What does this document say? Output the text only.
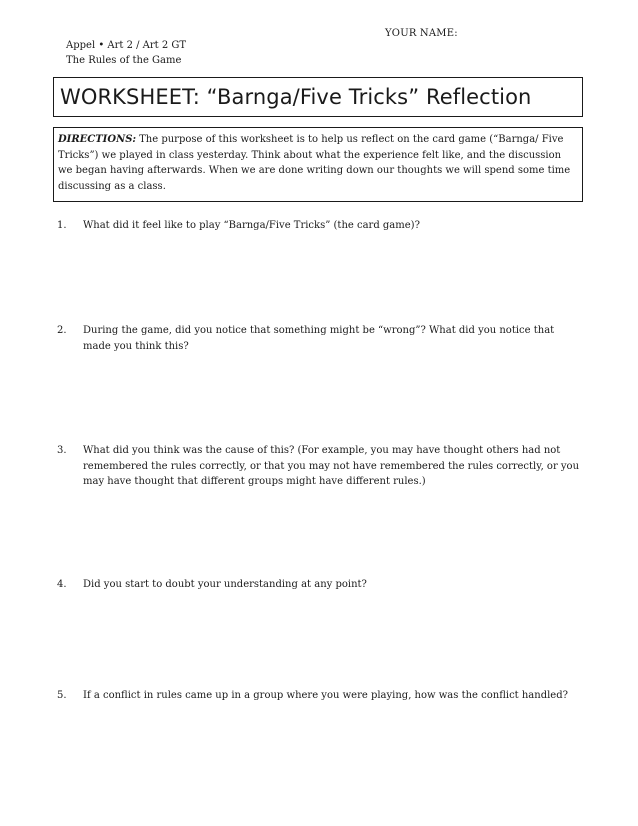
YOUR NAME:
Appel • Art 2 / Art 2 GT
The Rules of the Game
WORKSHEET: “Barnga/Five Tricks” Reflection
DIRECTIONS: The purpose of this worksheet is to help us reflect on the card game (“Barnga/ Five Tricks”) we played in class yesterday. Think about what the experience felt like, and the discussion we began having afterwards. When we are done writing down our thoughts we will spend some time discussing as a class.
1.	What did it feel like to play “Barnga/Five Tricks” (the card game)?
2.	During the game, did you notice that something might be “wrong”? What did you notice that made you think this?
3.	What did you think was the cause of this? (For example, you may have thought others had not remembered the rules correctly, or that you may not have remembered the rules correctly, or you may have thought that different groups might have different rules.)
4.	Did you start to doubt your understanding at any point?
5.	If a conflict in rules came up in a group where you were playing, how was the conflict handled?
